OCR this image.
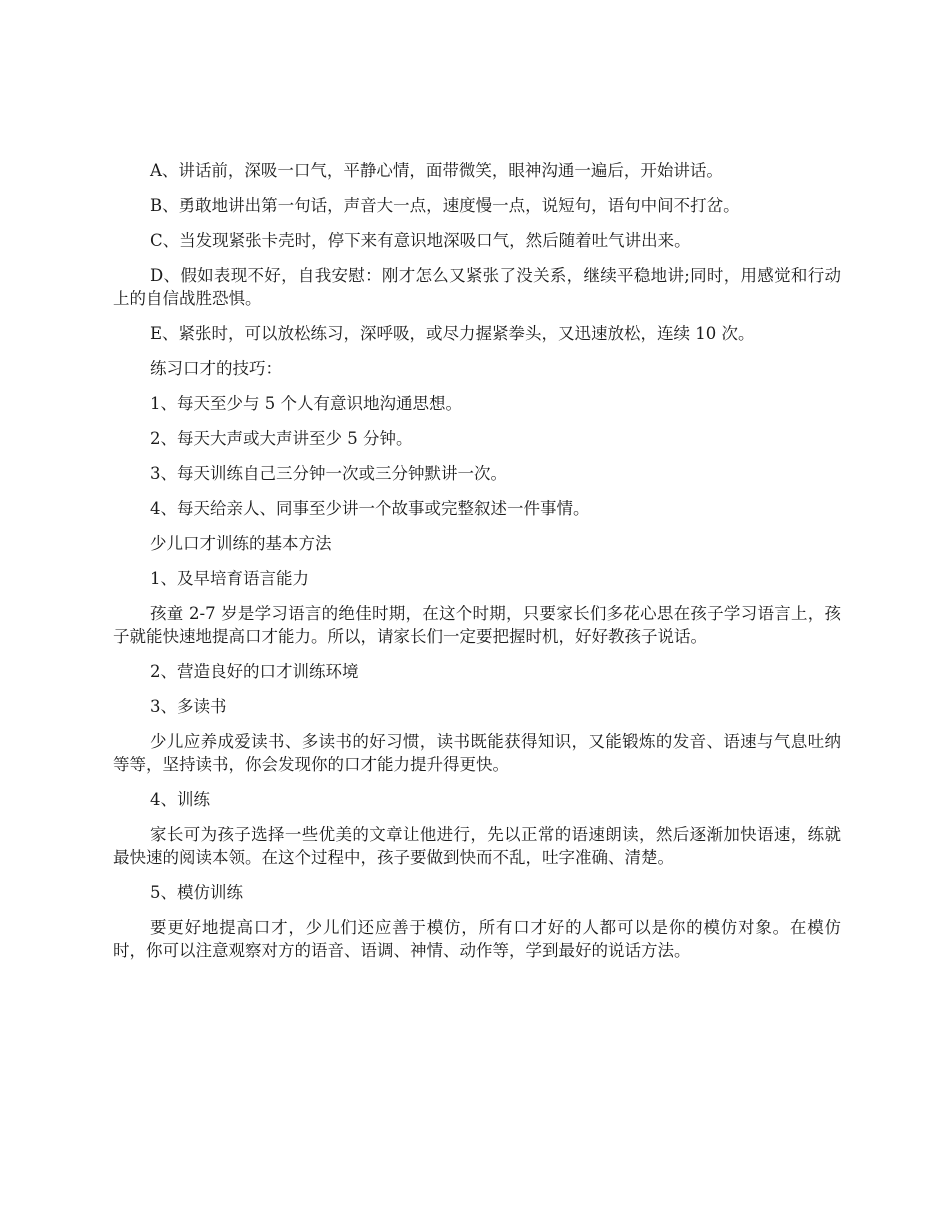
A、讲话前，深吸一口气，平静心情，面带微笑，眼神沟通一遍后，开始讲话。

B、勇敢地讲出第一句话，声音大一点，速度慢一点，说短句，语句中间不打岔。

C、当发现紧张卡壳时，停下来有意识地深吸口气，然后随着吐气讲出来。

D、假如表现不好，自我安慰：刚才怎么又紧张了没关系，继续平稳地讲;同时，用感觉和行动上的自信战胜恐惧。

E、紧张时，可以放松练习，深呼吸，或尽力握紧拳头，又迅速放松，连续 10 次。

练习口才的技巧：

1、每天至少与 5 个人有意识地沟通思想。

2、每天大声或大声讲至少 5 分钟。

3、每天训练自己三分钟一次或三分钟默讲一次。

4、每天给亲人、同事至少讲一个故事或完整叙述一件事情。

少儿口才训练的基本方法

1、及早培育语言能力

孩童 2-7 岁是学习语言的绝佳时期，在这个时期，只要家长们多花心思在孩子学习语言上，孩子就能快速地提高口才能力。所以，请家长们一定要把握时机，好好教孩子说话。

2、营造良好的口才训练环境

3、多读书

少儿应养成爱读书、多读书的好习惯，读书既能获得知识，又能锻炼的发音、语速与气息吐纳等等，坚持读书，你会发现你的口才能力提升得更快。

4、训练

家长可为孩子选择一些优美的文章让他进行，先以正常的语速朗读，然后逐渐加快语速，练就最快速的阅读本领。在这个过程中，孩子要做到快而不乱，吐字准确、清楚。

5、模仿训练

要更好地提高口才，少儿们还应善于模仿，所有口才好的人都可以是你的模仿对象。在模仿时，你可以注意观察对方的语音、语调、神情、动作等，学到最好的说话方法。
